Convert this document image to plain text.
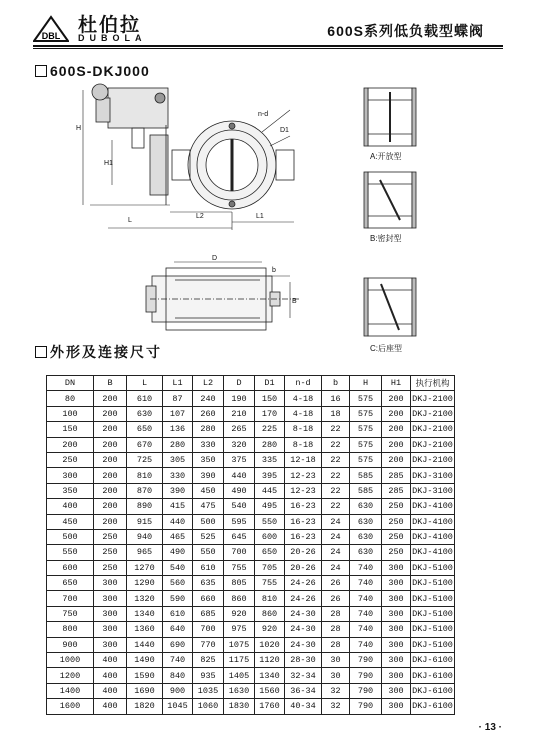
DBL 杜伯拉
DUBOLA	600S系列低负载型蝶阀
600S-DKJ000
H
H1
L
L2	L1
n-d
D1
D
b
B
A:开放型
B:密封型
C:后座型
外形及连接尺寸
DN	B	L	L1	L2	D	D1	n-d	b	H	H1	执行机构
80	200	610	87	240	190	150	4-18	16	575	200	DKJ-2100
100	200	630	107	260	210	170	4-18	18	575	200	DKJ-2100
150	200	650	136	280	265	225	8-18	22	575	200	DKJ-2100
200	200	670	280	330	320	280	8-18	22	575	200	DKJ-2100
250	200	725	305	350	375	335	12-18	22	575	200	DKJ-2100
300	200	810	330	390	440	395	12-23	22	585	285	DKJ-3100
350	200	870	390	450	490	445	12-23	22	585	285	DKJ-3100
400	200	890	415	475	540	495	16-23	22	630	250	DKJ-4100
450	200	915	440	500	595	550	16-23	24	630	250	DKJ-4100
500	250	940	465	525	645	600	16-23	24	630	250	DKJ-4100
550	250	965	490	550	700	650	20-26	24	630	250	DKJ-4100
600	250	1270	540	610	755	705	20-26	24	740	300	DKJ-5100
650	300	1290	560	635	805	755	24-26	26	740	300	DKJ-5100
700	300	1320	590	660	860	810	24-26	26	740	300	DKJ-5100
750	300	1340	610	685	920	860	24-30	28	740	300	DKJ-5100
800	300	1360	640	700	975	920	24-30	28	740	300	DKJ-5100
900	300	1440	690	770	1075	1020	24-30	28	740	300	DKJ-5100
1000	400	1490	740	825	1175	1120	28-30	30	790	300	DKJ-6100
1200	400	1590	840	935	1405	1340	32-34	30	790	300	DKJ-6100
1400	400	1690	900	1035	1630	1560	36-34	32	790	300	DKJ-6100
1600	400	1820	1045	1060	1830	1760	40-34	32	790	300	DKJ-6100
· 13 ·
